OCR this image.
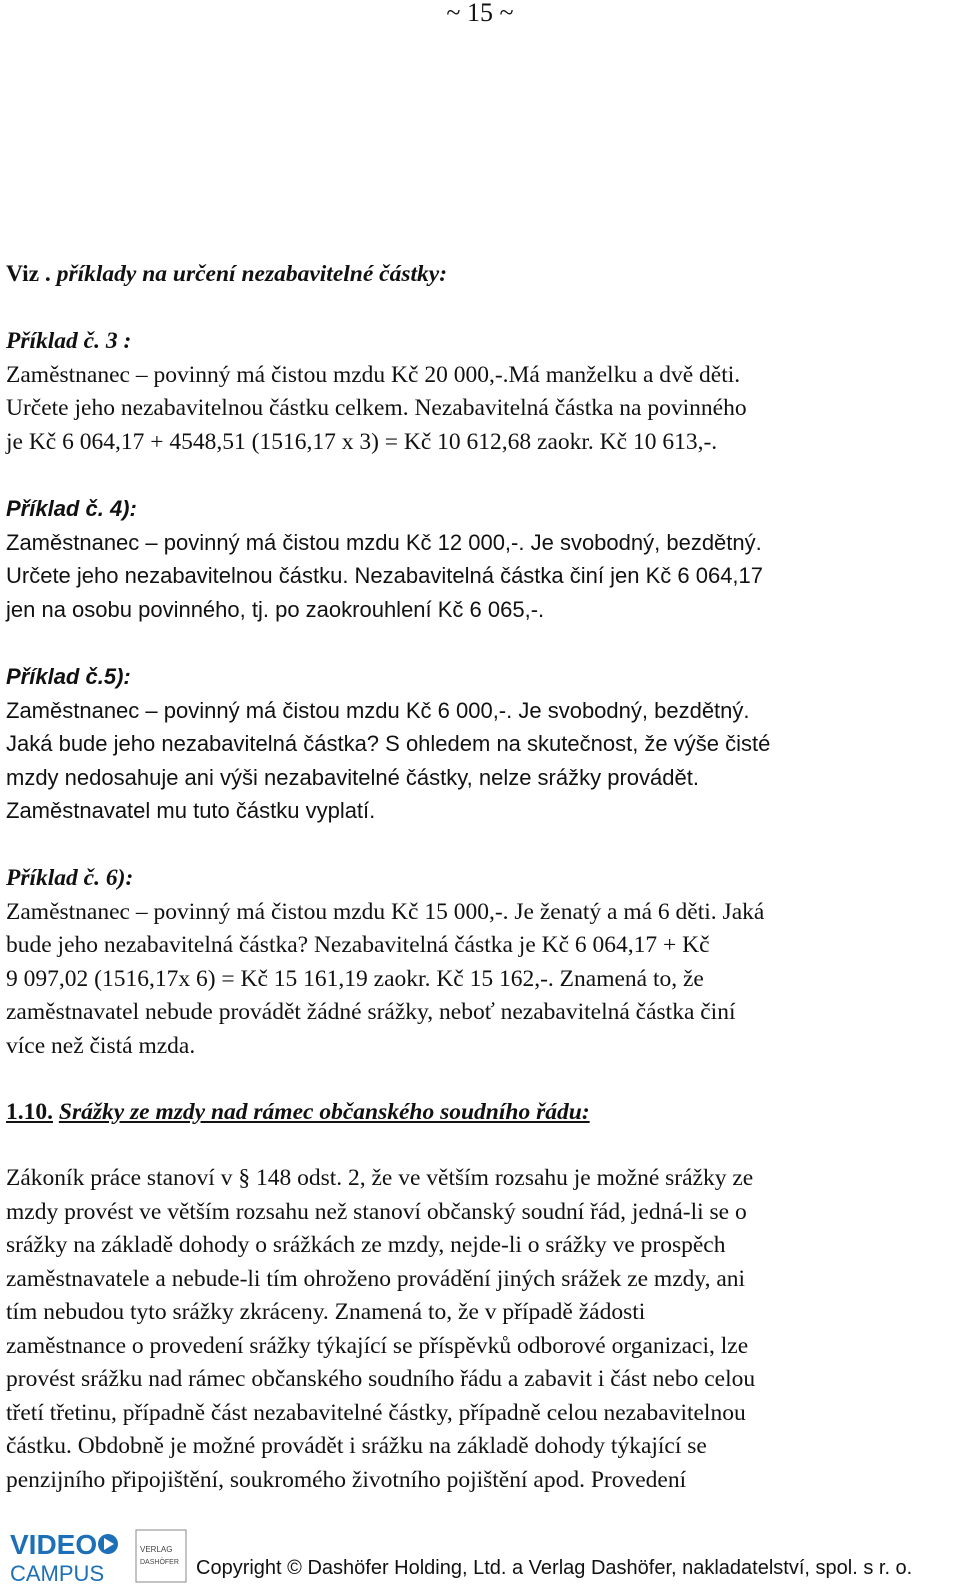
~ 15 ~
Viz . příklady na určení nezabavitelné částky:
Příklad č. 3 :
Zaměstnanec – povinný má čistou mzdu Kč 20 000,-.Má manželku a dvě děti.
Určete jeho nezabavitelnou částku celkem. Nezabavitelná částka na povinného
je Kč 6 064,17 + 4548,51 (1516,17 x 3) = Kč 10 612,68 zaokr. Kč 10 613,-.
Příklad č. 4):
Zaměstnanec – povinný má čistou mzdu Kč 12 000,-. Je svobodný, bezdětný.
Určete jeho nezabavitelnou částku. Nezabavitelná částka činí jen Kč 6 064,17
jen na osobu povinného, tj. po zaokrouhlení Kč 6 065,-.
Příklad č.5):
Zaměstnanec – povinný má čistou mzdu Kč 6 000,-. Je svobodný, bezdětný.
Jaká bude jeho nezabavitelná částka? S ohledem na skutečnost, že výše čisté
mzdy nedosahuje ani výši nezabavitelné částky, nelze srážky provádět.
Zaměstnavatel mu tuto částku vyplatí.
Příklad č. 6):
Zaměstnanec – povinný má čistou mzdu Kč 15 000,-. Je ženatý a má 6 děti. Jaká
bude jeho nezabavitelná částka? Nezabavitelná částka je Kč 6 064,17 + Kč
9 097,02 (1516,17x 6) = Kč 15 161,19 zaokr. Kč 15 162,-. Znamená to, že
zaměstnavatel nebude provádět žádné srážky, neboť nezabavitelná částka činí
více než čistá mzda.
1.10. Srážky ze mzdy nad rámec občanského soudního řádu:
Zákoník práce stanoví v § 148 odst. 2, že ve větším rozsahu je možné srážky ze
mzdy provést ve větším rozsahu než stanoví občanský soudní řád, jedná-li se o
srážky na základě dohody o srážkách ze mzdy, nejde-li o srážky ve prospěch
zaměstnavatele a nebude-li tím ohroženo provádění jiných srážek ze mzdy, ani
tím nebudou tyto srážky zkráceny. Znamená to, že v případě žádosti
zaměstnance o provedení srážky týkající se příspěvků odborové organizaci, lze
provést srážku nad rámec občanského soudního řádu a zabavit i část nebo celou
třetí třetinu, případně část nezabavitelné částky, případně celou nezabavitelnou
částku. Obdobně je možné provádět i srážku na základě dohody týkající se
penzijního připojištění, soukromého životního pojištění apod. Provedení
VIDEO
CAMPUS
VERLAG
DASHÖFER Copyright © Dashöfer Holding, Ltd. a Verlag Dashöfer, nakladatelství, spol. s r. o.
